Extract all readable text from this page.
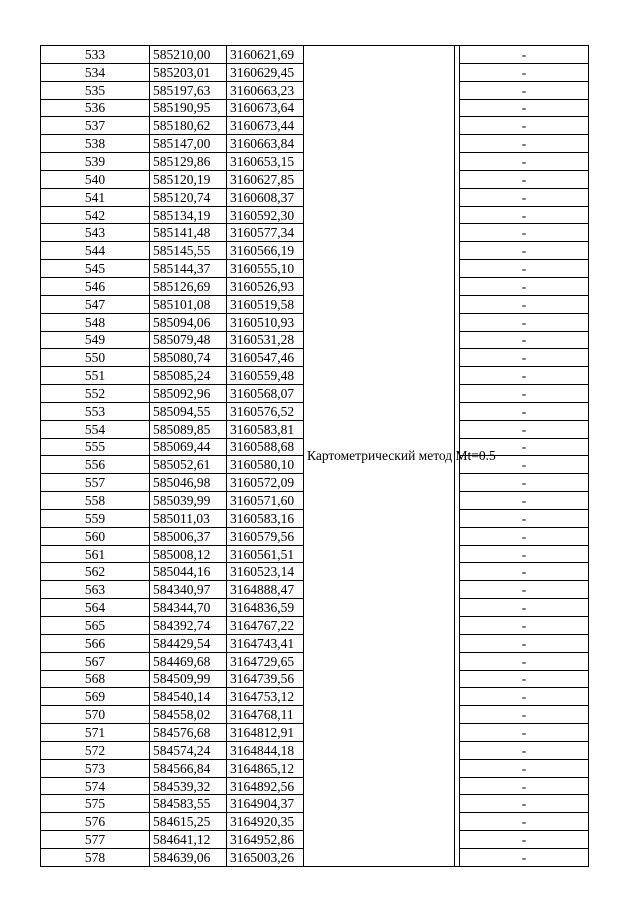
533	585210,00	3160621,69	Картометрический метод Mt=0.5		-
534	585203,01	3160629,45			-
535	585197,63	3160663,23			-
536	585190,95	3160673,64			-
537	585180,62	3160673,44			-
538	585147,00	3160663,84			-
539	585129,86	3160653,15			-
540	585120,19	3160627,85			-
541	585120,74	3160608,37			-
542	585134,19	3160592,30			-
543	585141,48	3160577,34			-
544	585145,55	3160566,19			-
545	585144,37	3160555,10			-
546	585126,69	3160526,93			-
547	585101,08	3160519,58			-
548	585094,06	3160510,93			-
549	585079,48	3160531,28			-
550	585080,74	3160547,46			-
551	585085,24	3160559,48			-
552	585092,96	3160568,07			-
553	585094,55	3160576,52			-
554	585089,85	3160583,81			-
555	585069,44	3160588,68			-
556	585052,61	3160580,10			-
557	585046,98	3160572,09			-
558	585039,99	3160571,60			-
559	585011,03	3160583,16			-
560	585006,37	3160579,56			-
561	585008,12	3160561,51			-
562	585044,16	3160523,14			-
563	584340,97	3164888,47			-
564	584344,70	3164836,59			-
565	584392,74	3164767,22			-
566	584429,54	3164743,41			-
567	584469,68	3164729,65			-
568	584509,99	3164739,56			-
569	584540,14	3164753,12			-
570	584558,02	3164768,11			-
571	584576,68	3164812,91			-
572	584574,24	3164844,18			-
573	584566,84	3164865,12			-
574	584539,32	3164892,56			-
575	584583,55	3164904,37			-
576	584615,25	3164920,35			-
577	584641,12	3164952,86			-
578	584639,06	3165003,26			-
